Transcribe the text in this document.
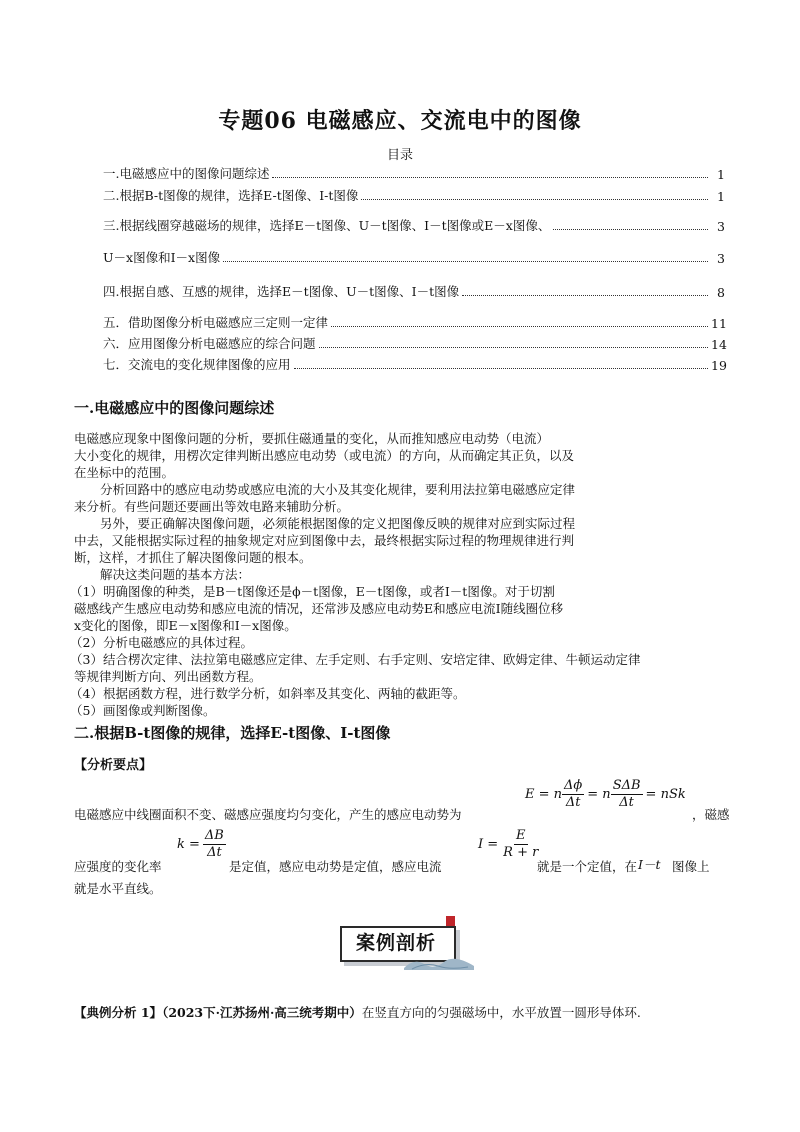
专题06 电磁感应、交流电中的图像
目录
一.电磁感应中的图像问题综述	1
二.根据B-t图像的规律，选择E-t图像、I-t图像	1
三.根据线圈穿越磁场的规律，选择E－t图像、U－t图像、I－t图像或E－x图像、	3
U－x图像和I－x图像	3
四.根据自感、互感的规律，选择E－t图像、U－t图像、I－t图像	8
五．借助图像分析电磁感应三定则一定律	11
六．应用图像分析电磁感应的综合问题	14
七．交流电的变化规律图像的应用	19
一.电磁感应中的图像问题综述

电磁感应现象中图像问题的分析，要抓住磁通量的变化，从而推知感应电动势（电流）

大小变化的规律，用楞次定律判断出感应电动势（或电流）的方向，从而确定其正负，以及

在坐标中的范围。

分析回路中的感应电动势或感应电流的大小及其变化规律，要利用法拉第电磁感应定律

来分析。有些问题还要画出等效电路来辅助分析。

另外，要正确解决图像问题，必须能根据图像的定义把图像反映的规律对应到实际过程

中去，又能根据实际过程的抽象规定对应到图像中去，最终根据实际过程的物理规律进行判

断，这样，才抓住了解决图像问题的根本。

解决这类问题的基本方法：

（1）明确图像的种类，是B－t图像还是ϕ－t图像，E－t图像，或者I－t图像。对于切割

磁感线产生感应电动势和感应电流的情况，还常涉及感应电动势E和感应电流I随线圈位移

x变化的图像，即E－x图像和I－x图像。

（2）分析电磁感应的具体过程。

（3）结合楞次定律、法拉第电磁感应定律、左手定则、右手定则、安培定律、欧姆定律、牛顿运动定律

等规律判断方向、列出函数方程。

（4）根据函数方程，进行数学分析，如斜率及其变化、两轴的截距等。

（5）画图像或判断图像。

二.根据B-t图像的规律，选择E-t图像、I-t图像
【分析要点】
E = n $\frac{\Delta\phi}{\Delta t} = n \frac{\text{SΔB}}{\Delta t}$ = nSk
电磁感应中线圈面积不变、磁感应强度均匀变化，产生的感应电动势为	，磁感
$k = \frac{\Delta B}{\Delta t}$	$I = \frac{E}{R + r}$
应强度的变化率	是定值，感应电动势是定值，感应电流	就是一个定值，在 I－t 图像上
就是水平直线。
案例剖析
【典例分析 1】（2023下·江苏扬州·高三统考期中）在竖直方向的匀强磁场中，水平放置一圆形导体环.
